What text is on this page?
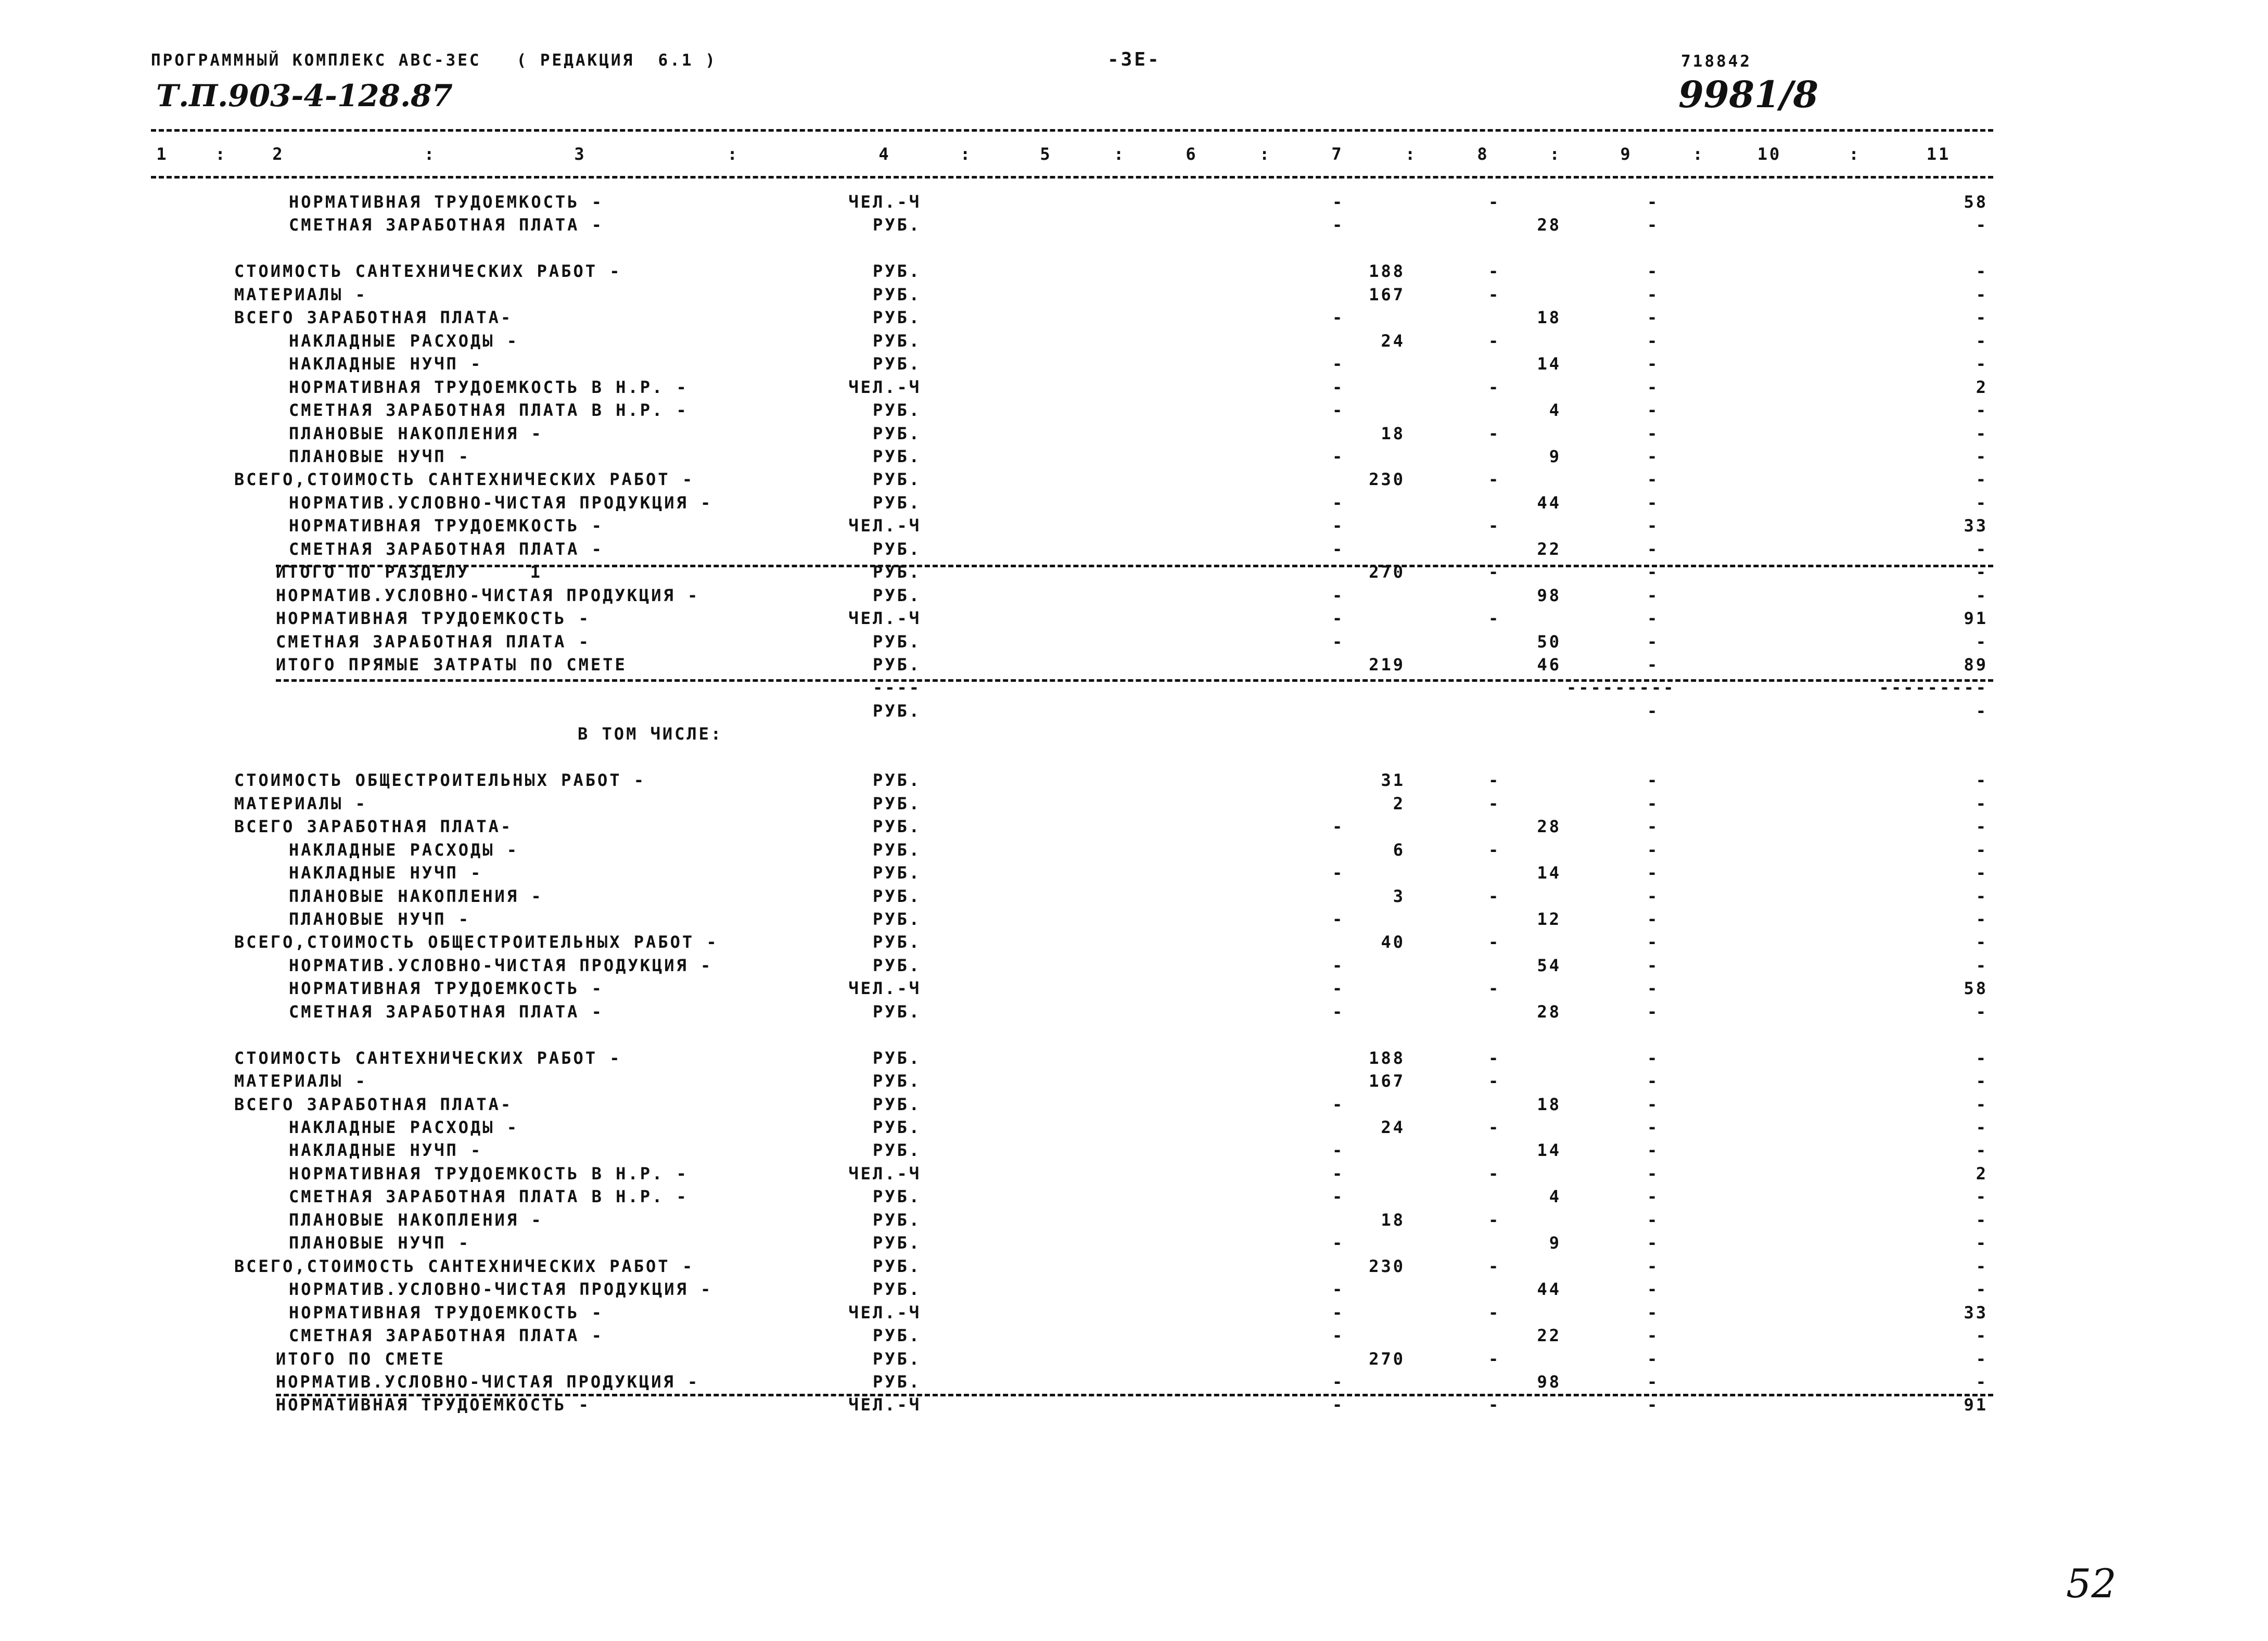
ПРОГРАММНЫЙ КОМПЛЕКС АВС-ЗЕС   ( РЕДАКЦИЯ  6.1 )	-ЗЕ-	718842
Т.П.903-4-128.87	9981/8
52
1	:	2	:	3	:	4	:	5	:	6	:	7	:	8	:	9	:	10	:	11
НОРМАТИВНАЯ ТРУДОЕМКОСТЬ -	ЧЕЛ.-Ч	-	-	-	58
СМЕТНАЯ ЗАРАБОТНАЯ ПЛАТА -	РУБ.	-	28	-	-
СТОИМОСТЬ САНТЕХНИЧЕСКИХ РАБОТ -	РУБ.	188	-	-	-
МАТЕРИАЛЫ -	РУБ.	167	-	-	-
ВСЕГО ЗАРАБОТНАЯ ПЛАТА-	РУБ.	-	18	-	-
НАКЛАДНЫЕ РАСХОДЫ -	РУБ.	24	-	-	-
НАКЛАДНЫЕ НУЧП -	РУБ.	-	14	-	-
НОРМАТИВНАЯ ТРУДОЕМКОСТЬ В Н.Р. -	ЧЕЛ.-Ч	-	-	-	2
СМЕТНАЯ ЗАРАБОТНАЯ ПЛАТА В Н.Р. -	РУБ.	-	4	-	-
ПЛАНОВЫЕ НАКОПЛЕНИЯ -	РУБ.	18	-	-	-
ПЛАНОВЫЕ НУЧП -	РУБ.	-	9	-	-
ВСЕГО,СТОИМОСТЬ САНТЕХНИЧЕСКИХ РАБОТ -	РУБ.	230	-	-	-
НОРМАТИВ.УСЛОВНО-ЧИСТАЯ ПРОДУКЦИЯ -	РУБ.	-	44	-	-
НОРМАТИВНАЯ ТРУДОЕМКОСТЬ -	ЧЕЛ.-Ч	-	-	-	33
СМЕТНАЯ ЗАРАБОТНАЯ ПЛАТА -	РУБ.	-	22	-	-
ИТОГО ПО РАЗДЕЛУ     1	РУБ.	270	-	-	-
НОРМАТИВ.УСЛОВНО-ЧИСТАЯ ПРОДУКЦИЯ -	РУБ.	-	98	-	-
НОРМАТИВНАЯ ТРУДОЕМКОСТЬ -	ЧЕЛ.-Ч	-	-	-	91
СМЕТНАЯ ЗАРАБОТНАЯ ПЛАТА -	РУБ.	-	50	-	-
ИТОГО ПРЯМЫЕ ЗАТРАТЫ ПО СМЕТЕ	РУБ.	219	46	-	89
----	---------	---------
РУБ.	-	-
В ТОМ ЧИСЛЕ:
СТОИМОСТЬ ОБЩЕСТРОИТЕЛЬНЫХ РАБОТ -	РУБ.	31	-	-	-
МАТЕРИАЛЫ -	РУБ.	2	-	-	-
ВСЕГО ЗАРАБОТНАЯ ПЛАТА-	РУБ.	-	28	-	-
НАКЛАДНЫЕ РАСХОДЫ -	РУБ.	6	-	-	-
НАКЛАДНЫЕ НУЧП -	РУБ.	-	14	-	-
ПЛАНОВЫЕ НАКОПЛЕНИЯ -	РУБ.	3	-	-	-
ПЛАНОВЫЕ НУЧП -	РУБ.	-	12	-	-
ВСЕГО,СТОИМОСТЬ ОБЩЕСТРОИТЕЛЬНЫХ РАБОТ -	РУБ.	40	-	-	-
НОРМАТИВ.УСЛОВНО-ЧИСТАЯ ПРОДУКЦИЯ -	РУБ.	-	54	-	-
НОРМАТИВНАЯ ТРУДОЕМКОСТЬ -	ЧЕЛ.-Ч	-	-	-	58
СМЕТНАЯ ЗАРАБОТНАЯ ПЛАТА -	РУБ.	-	28	-	-
СТОИМОСТЬ САНТЕХНИЧЕСКИХ РАБОТ -	РУБ.	188	-	-	-
МАТЕРИАЛЫ -	РУБ.	167	-	-	-
ВСЕГО ЗАРАБОТНАЯ ПЛАТА-	РУБ.	-	18	-	-
НАКЛАДНЫЕ РАСХОДЫ -	РУБ.	24	-	-	-
НАКЛАДНЫЕ НУЧП -	РУБ.	-	14	-	-
НОРМАТИВНАЯ ТРУДОЕМКОСТЬ В Н.Р. -	ЧЕЛ.-Ч	-	-	-	2
СМЕТНАЯ ЗАРАБОТНАЯ ПЛАТА В Н.Р. -	РУБ.	-	4	-	-
ПЛАНОВЫЕ НАКОПЛЕНИЯ -	РУБ.	18	-	-	-
ПЛАНОВЫЕ НУЧП -	РУБ.	-	9	-	-
ВСЕГО,СТОИМОСТЬ САНТЕХНИЧЕСКИХ РАБОТ -	РУБ.	230	-	-	-
НОРМАТИВ.УСЛОВНО-ЧИСТАЯ ПРОДУКЦИЯ -	РУБ.	-	44	-	-
НОРМАТИВНАЯ ТРУДОЕМКОСТЬ -	ЧЕЛ.-Ч	-	-	-	33
СМЕТНАЯ ЗАРАБОТНАЯ ПЛАТА -	РУБ.	-	22	-	-
ИТОГО ПО СМЕТЕ	РУБ.	270	-	-	-
НОРМАТИВ.УСЛОВНО-ЧИСТАЯ ПРОДУКЦИЯ -	РУБ.	-	98	-	-
НОРМАТИВНАЯ ТРУДОЕМКОСТЬ -	ЧЕЛ.-Ч	-	-	-	91
